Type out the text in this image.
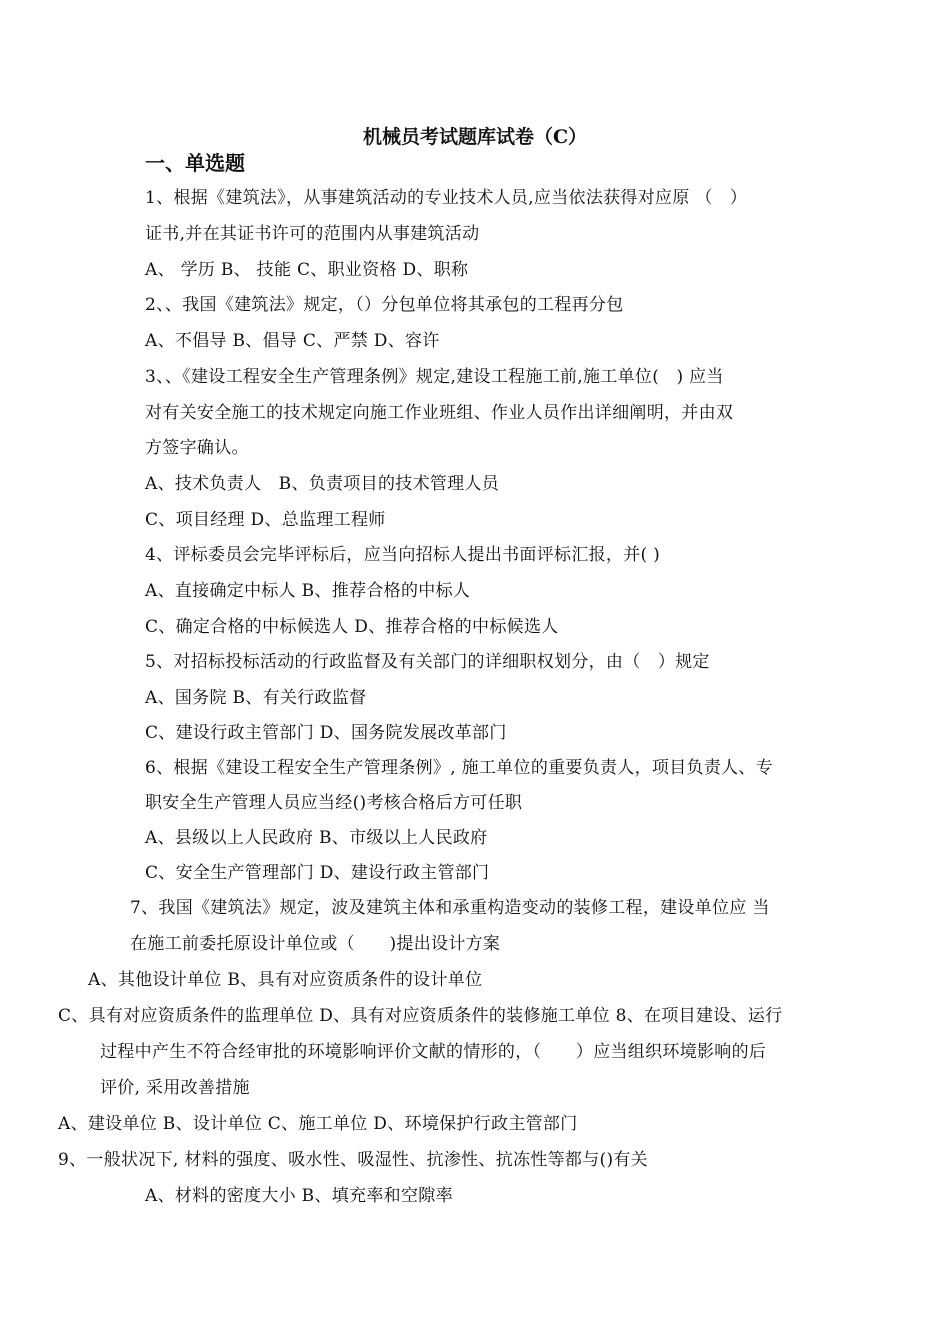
机械员考试题库试卷（C）
一、单选题
1、根据《建筑法》，从事建筑活动的专业技术人员,应当依法获得对应原 （　）
证书,并在其证书许可的范围内从事建筑活动
A、 学历 B、 技能 C、职业资格 D、职称
2、、我国《建筑法》规定，（）分包单位将其承包的工程再分包
A、不倡导 B、倡导 C、严禁 D、容许
3、、《建设工程安全生产管理条例》规定,建设工程施工前,施工单位(　) 应当
对有关安全施工的技术规定向施工作业班组、作业人员作出详细阐明，并由双
方签字确认。
A、技术负责人　B、负责项目的技术管理人员
C、项目经理 D、总监理工程师
4、评标委员会完毕评标后，应当向招标人提出书面评标汇报，并( )
A、直接确定中标人 B、推荐合格的中标人
C、确定合格的中标候选人 D、推荐合格的中标候选人
5、对招标投标活动的行政监督及有关部门的详细职权划分，由（　）规定
A、国务院 B、有关行政监督
C、建设行政主管部门 D、国务院发展改革部门
6、根据《建设工程安全生产管理条例》, 施工单位的重要负责人，项目负责人、专
职安全生产管理人员应当经()考核合格后方可任职
A、县级以上人民政府 B、市级以上人民政府
C、安全生产管理部门 D、建设行政主管部门
7、我国《建筑法》规定，波及建筑主体和承重构造变动的装修工程，建设单位应 当
在施工前委托原设计单位或（　　)提出设计方案
A、其他设计单位 B、具有对应资质条件的设计单位
C、具有对应资质条件的监理单位 D、具有对应资质条件的装修施工单位 8、在项目建设、运行
过程中产生不符合经审批的环境影响评价文献的情形的，（　　）应当组织环境影响的后
评价, 采用改善措施
A、建设单位 B、设计单位 C、施工单位 D、环境保护行政主管部门
9、一般状况下, 材料的强度、吸水性、吸湿性、抗渗性、抗冻性等都与()有关
A、材料的密度大小 B、填充率和空隙率
